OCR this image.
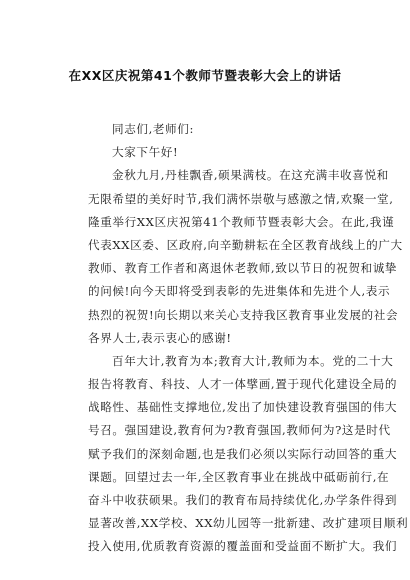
在XX区庆祝第41个教师节暨表彰大会上的讲话
同志们,老师们:
大家下午好!
金秋九月,丹桂飘香,硕果满枝。在这充满丰收喜悦和
无限希望的美好时节,我们满怀崇敬与感激之情,欢聚一堂,
隆重举行XX区庆祝第41个教师节暨表彰大会。在此,我谨
代表XX区委、区政府,向辛勤耕耘在全区教育战线上的广大
教师、教育工作者和离退休老教师,致以节日的祝贺和诚挚
的问候!向今天即将受到表彰的先进集体和先进个人,表示
热烈的祝贺!向长期以来关心支持我区教育事业发展的社会
各界人士,表示衷心的感谢!
百年大计,教育为本;教育大计,教师为本。党的二十大
报告将教育、科技、人才一体擘画,置于现代化建设全局的
战略性、基础性支撑地位,发出了加快建设教育强国的伟大
号召。强国建设,教育何为?教育强国,教师何为?这是时代
赋予我们的深刻命题,也是我们必须以实际行动回答的重大
课题。回望过去一年,全区教育事业在挑战中砥砺前行,在
奋斗中收获硕果。我们的教育布局持续优化,办学条件得到
显著改善,XX学校、XX幼儿园等一批新建、改扩建项目顺利
投入使用,优质教育资源的覆盖面和受益面不断扩大。我们
